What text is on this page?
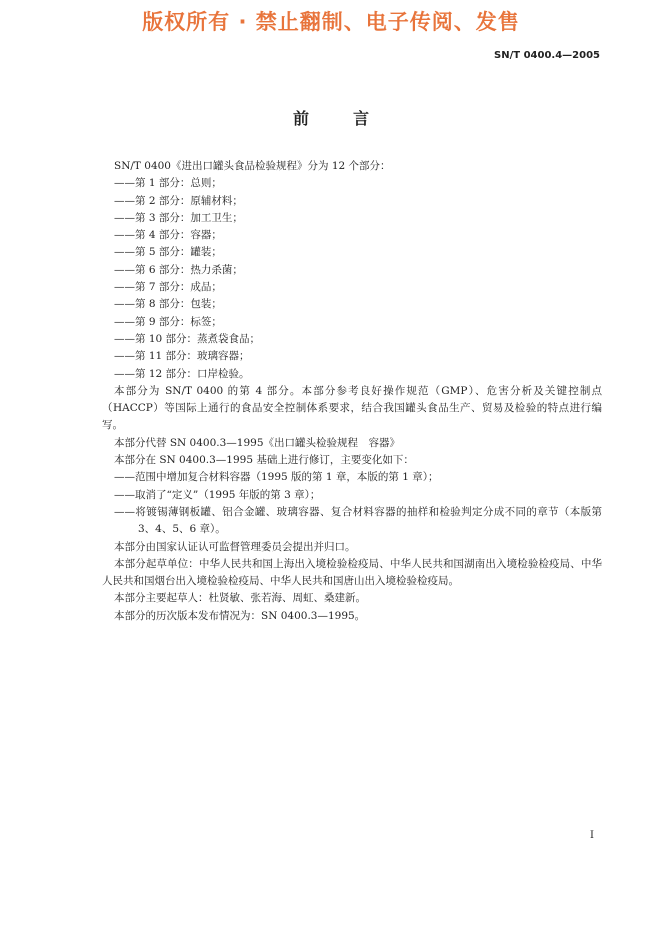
版权所有 · 禁止翻制、电子传阅、发售
SN/T 0400.4—2005
前言
SN/T 0400《进出口罐头食品检验规程》分为 12 个部分：
——第 1 部分：总则；
——第 2 部分：原辅材料；
——第 3 部分：加工卫生；
——第 4 部分：容器；
——第 5 部分：罐装；
——第 6 部分：热力杀菌；
——第 7 部分：成品；
——第 8 部分：包装；
——第 9 部分：标签；
——第 10 部分：蒸煮袋食品；
——第 11 部分：玻璃容器；
——第 12 部分：口岸检验。
本部分为 SN/T 0400 的第 4 部分。本部分参考良好操作规范（GMP）、危害分析及关键控制点（HACCP）等国际上通行的食品安全控制体系要求，结合我国罐头食品生产、贸易及检验的特点进行编写。
本部分代替 SN 0400.3—1995《出口罐头检验规程　容器》
本部分在 SN 0400.3—1995 基础上进行修订，主要变化如下：
——范围中增加复合材料容器（1995 版的第 1 章，本版的第 1 章）；
——取消了“定义”（1995 年版的第 3 章）；
——将镀锡薄钢板罐、铝合金罐、玻璃容器、复合材料容器的抽样和检验判定分成不同的章节（本版第 3、4、5、6 章）。
本部分由国家认证认可监督管理委员会提出并归口。
本部分起草单位：中华人民共和国上海出入境检验检疫局、中华人民共和国湖南出入境检验检疫局、中华人民共和国烟台出入境检验检疫局、中华人民共和国唐山出入境检验检疫局。
本部分主要起草人：杜贤敏、张若海、周虹、桑建新。
本部分的历次版本发布情况为：SN 0400.3—1995。
I
